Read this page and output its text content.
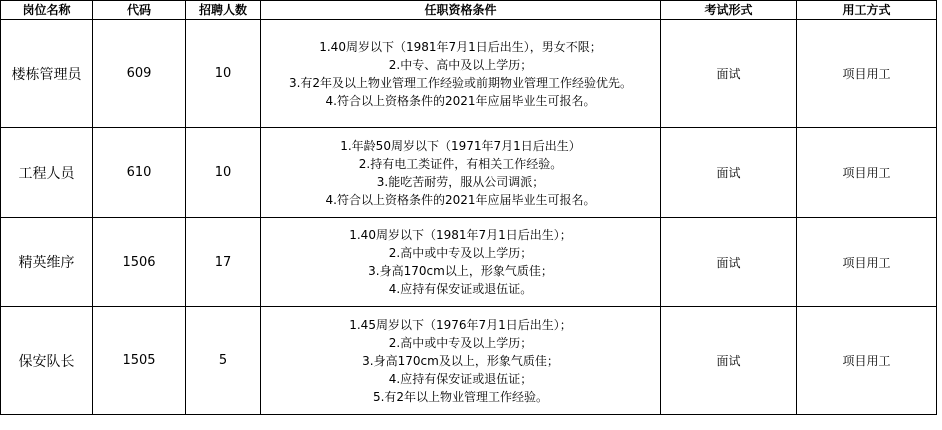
岗位名称	代码	招聘人数	任职资格条件	考试形式	用工方式
楼栋管理员	609	10	1.40周岁以下（1981年7月1日后出生），男女不限；
2.中专、高中及以上学历；
3.有2年及以上物业管理工作经验或前期物业管理工作经验优先。
4.符合以上资格条件的2021年应届毕业生可报名。	面试	项目用工
工程人员	610	10	1.年龄50周岁以下（1971年7月1日后出生）
2.持有电工类证件，有相关工作经验。
3.能吃苦耐劳，服从公司调派；
4.符合以上资格条件的2021年应届毕业生可报名。	面试	项目用工
精英维序	1506	17	1.40周岁以下（1981年7月1日后出生）；
2.高中或中专及以上学历；
3.身高170cm以上，形象气质佳；
4.应持有保安证或退伍证。	面试	项目用工
保安队长	1505	5	1.45周岁以下（1976年7月1日后出生）；
2.高中或中专及以上学历；
3.身高170cm及以上，形象气质佳；
4.应持有保安证或退伍证；
5.有2年以上物业管理工作经验。	面试	项目用工
